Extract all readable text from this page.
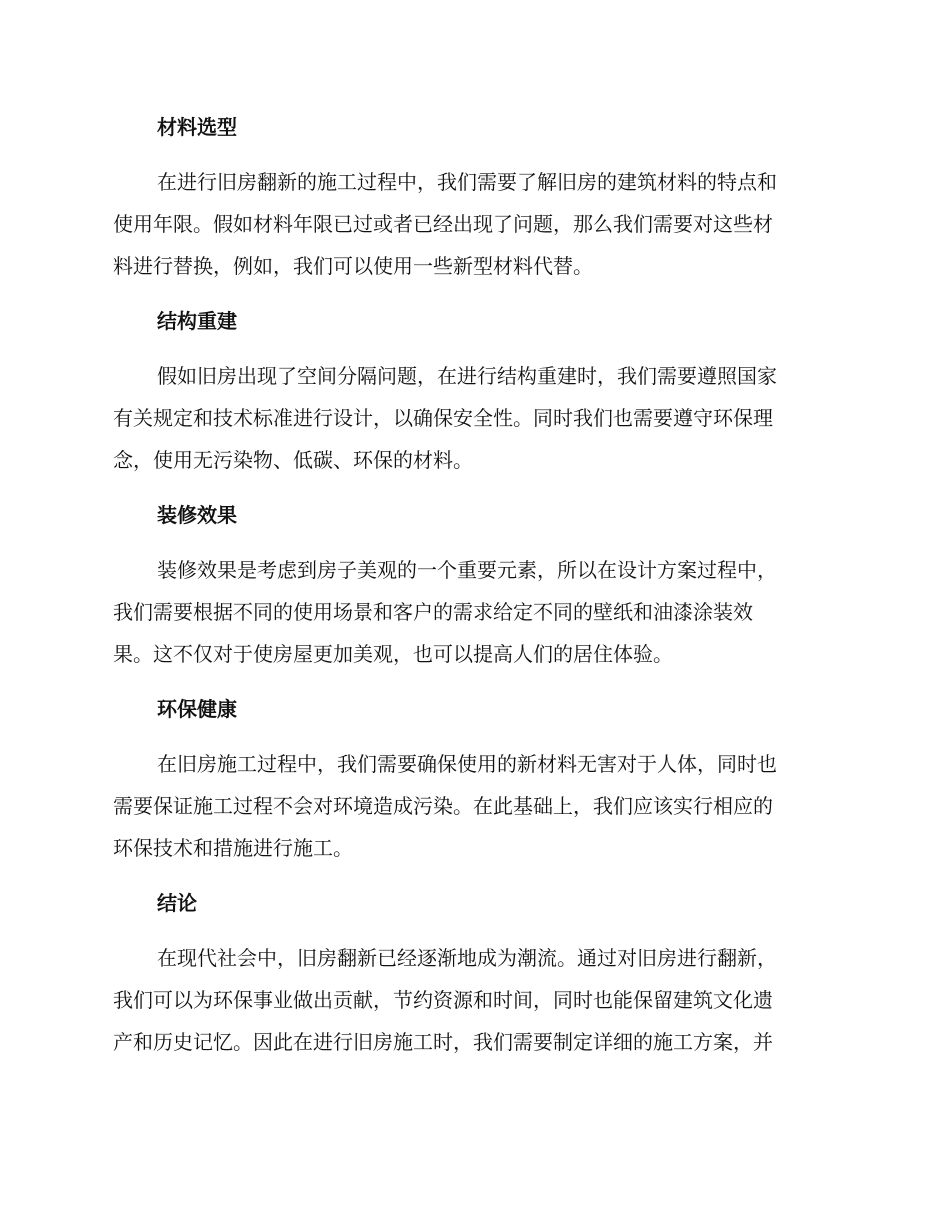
材料选型
在进行旧房翻新的施工过程中，我们需要了解旧房的建筑材料的特点和
使用年限。假如材料年限已过或者已经出现了问题，那么我们需要对这些材
料进行替换，例如，我们可以使用一些新型材料代替。
结构重建
假如旧房出现了空间分隔问题，在进行结构重建时，我们需要遵照国家
有关规定和技术标准进行设计，以确保安全性。同时我们也需要遵守环保理
念，使用无污染物、低碳、环保的材料。
装修效果
装修效果是考虑到房子美观的一个重要元素，所以在设计方案过程中，
我们需要根据不同的使用场景和客户的需求给定不同的壁纸和油漆涂装效
果。这不仅对于使房屋更加美观，也可以提高人们的居住体验。
环保健康
在旧房施工过程中，我们需要确保使用的新材料无害对于人体，同时也
需要保证施工过程不会对环境造成污染。在此基础上，我们应该实行相应的
环保技术和措施进行施工。
结论
在现代社会中，旧房翻新已经逐渐地成为潮流。通过对旧房进行翻新，
我们可以为环保事业做出贡献，节约资源和时间，同时也能保留建筑文化遗
产和历史记忆。因此在进行旧房施工时，我们需要制定详细的施工方案，并
